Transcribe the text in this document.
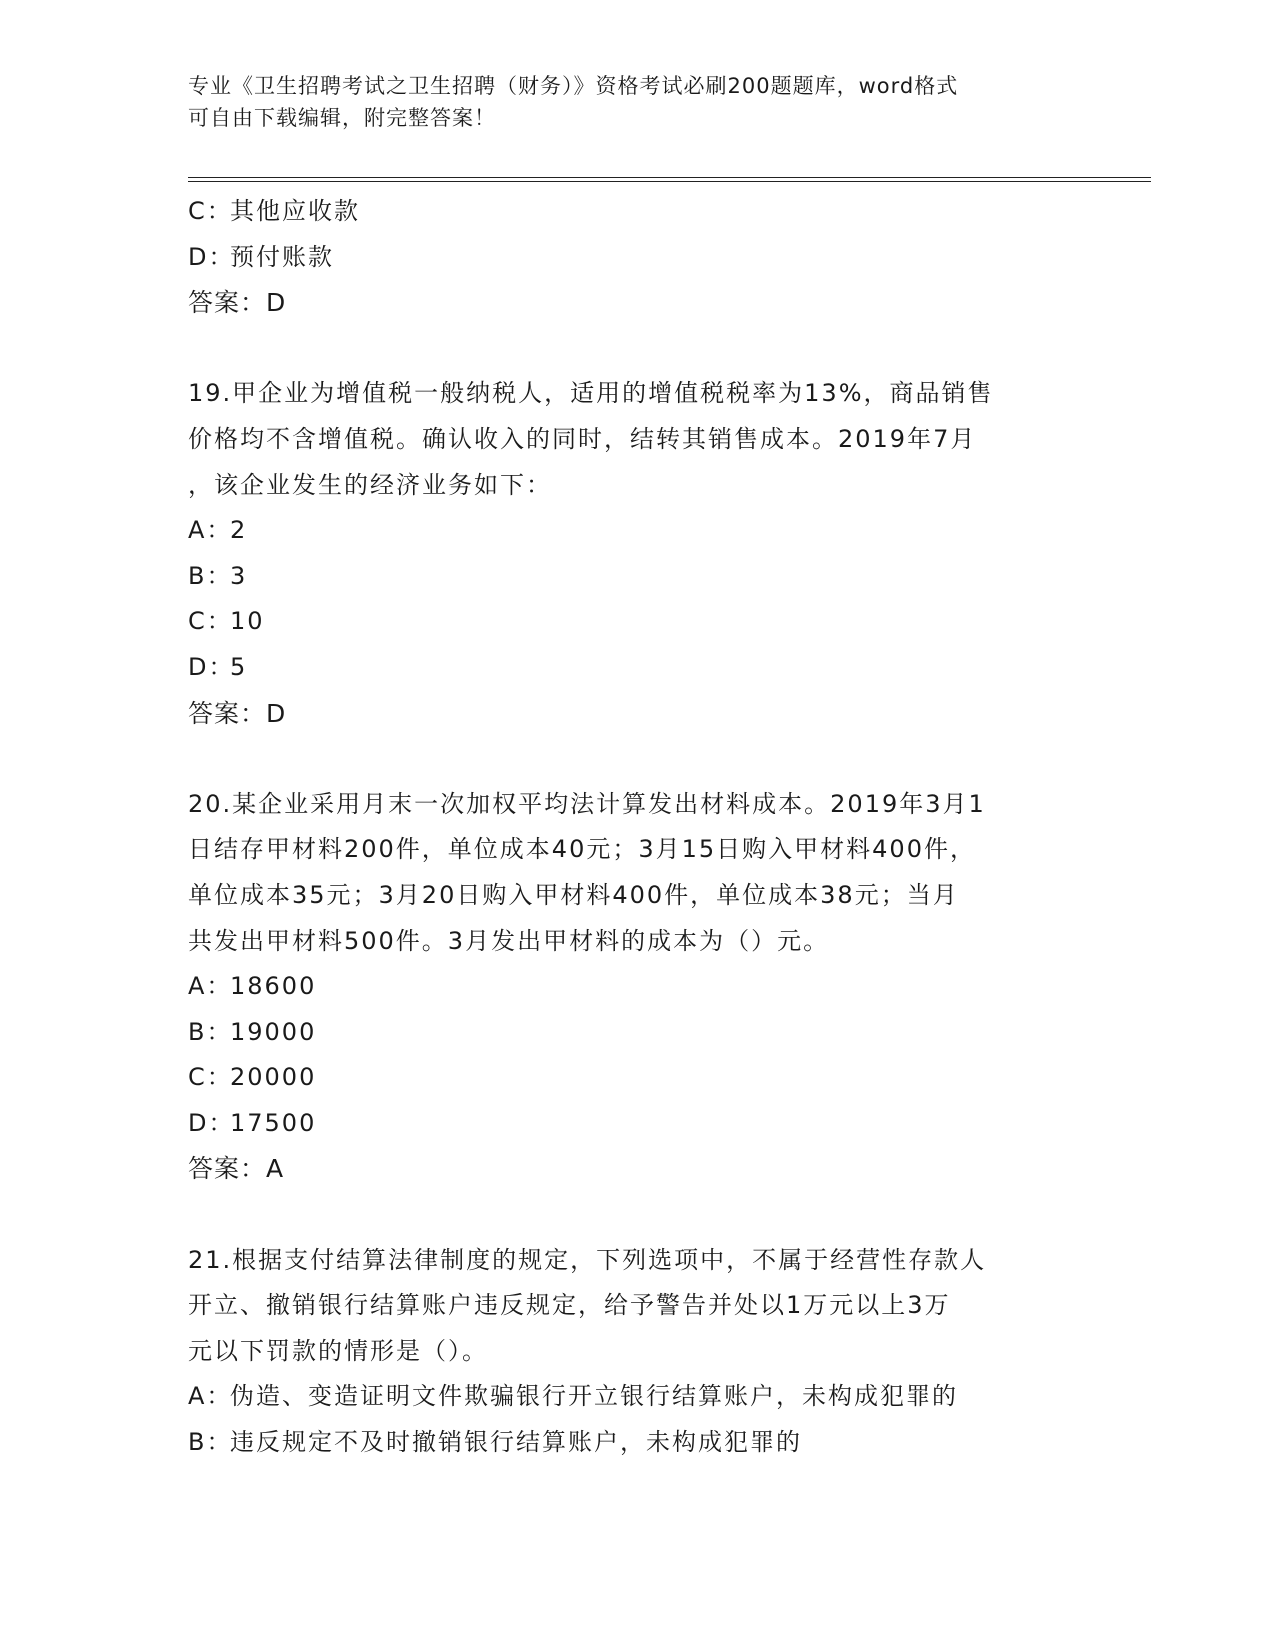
专业《卫生招聘考试之卫生招聘（财务）》资格考试必刷200题题库，word格式
可自由下载编辑，附完整答案！
C：其他应收款
D：预付账款
答案：D
19.甲企业为增值税一般纳税人，适用的增值税税率为13%，商品销售
价格均不含增值税。确认收入的同时，结转其销售成本。2019年7月
，该企业发生的经济业务如下：
A：2
B：3
C：10
D：5
答案：D
20.某企业采用月末一次加权平均法计算发出材料成本。2019年3月1
日结存甲材料200件，单位成本40元；3月15日购入甲材料400件，
单位成本35元；3月20日购入甲材料400件，单位成本38元；当月
共发出甲材料500件。3月发出甲材料的成本为（）元。
A：18600
B：19000
C：20000
D：17500
答案：A
21.根据支付结算法律制度的规定，下列选项中，不属于经营性存款人
开立、撤销银行结算账户违反规定，给予警告并处以1万元以上3万
元以下罚款的情形是（）。
A：伪造、变造证明文件欺骗银行开立银行结算账户，未构成犯罪的
B：违反规定不及时撤销银行结算账户，未构成犯罪的
